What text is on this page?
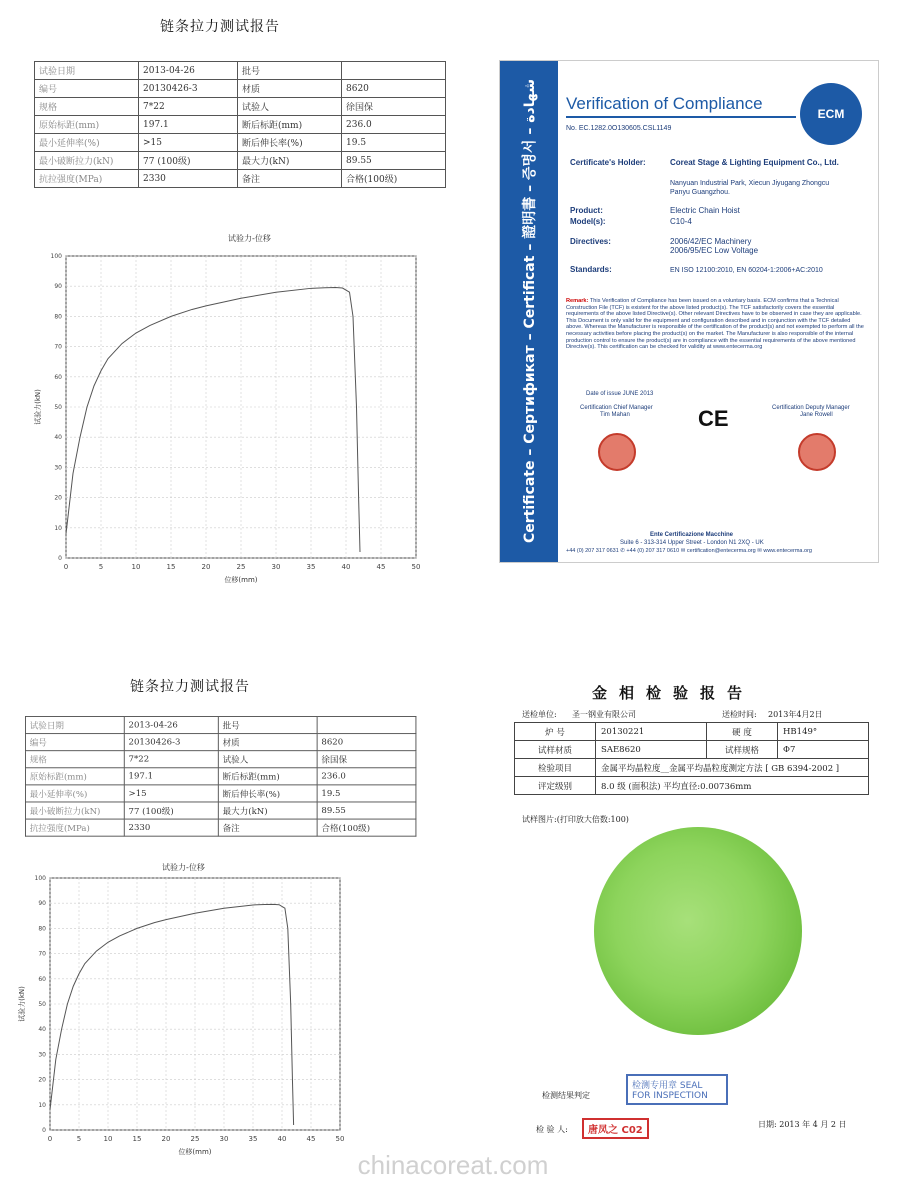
链条拉力测试报告
试验日期	2013-04-26	批号	
编号	20130426-3	材质	8620
规格	7*22	试验人	徐国保
原始标距(mm)	197.1	断后标距(mm)	236.0
最小延伸率(%)	>15	断后伸长率(%)	19.5
最小破断拉力(kN)	77 (100级)	最大力(kN)	89.55
抗拉强度(MPa)	2330	备注	合格(100级)
试验力-位移
0	5	10	15	20	25	30	35	40	45	50
0
10
20
30
40
50
60
70
80
90
100
位移(mm)
试验力(kN)
链条拉力测试报告
试验日期	2013-04-26	批号	
编号	20130426-3	材质	8620
规格	7*22	试验人	徐国保
原始标距(mm)	197.1	断后标距(mm)	236.0
最小延伸率(%)	>15	断后伸长率(%)	19.5
最小破断拉力(kN)	77 (100级)	最大力(kN)	89.55
抗拉强度(MPa)	2330	备注	合格(100级)
试验力-位移
0	5	10	15	20	25	30	35	40	45	50
0
10
20
30
40
50
60
70
80
90
100
位移(mm)
试验力(kN)
Certificate – Сертификат – Certificat – 證明書 – 증명서 – شهادة Verification of Compliance
ECM
No. EC.1282.0O130605.CSL1149
Certificate's Holder:	Coreat Stage & Lighting Equipment Co., Ltd.
Nanyuan Industrial Park, Xiecun Jiyugang Zhongcu Panyu Guangzhou.
Product:	Electric Chain Hoist
Model(s):	C10-4
Directives:	2006/42/EC Machinery
2006/95/EC Low Voltage
Standards:	EN ISO 12100:2010, EN 60204-1:2006+AC:2010
Remark: This Verification of Compliance has been issued on a voluntary basis. ECM confirms that a Technical Construction File (TCF) is existent for the above listed product(s). The TCF satisfactorily covers the essential requirements of the above listed Directive(s). Other relevant Directives have to be observed in case they are applicable. This Document is only valid for the equipment and configuration described and in conjunction with the TCF detailed above. Whereas the Manufacturer is responsible of the certification of the product(s) and not exempted to perform all the necessary activities before placing the product(s) on the market. The Manufacturer is also responsible of the internal production control to ensure the product(s) are in compliance with the essential requirements of the above mentioned Directive(s). This certification can be checked for validity at www.entecerma.org
Date of issue JUNE 2013
Certification Chief Manager
Tim Mahan
Certification Deputy Manager
Jane Rowell
CE
Ente Certificazione Macchine
Suite 6 - 313-314 Upper Street - London N1 2XQ - UK
+44 (0) 207 317 0631 ✆ +44 (0) 207 317 0610 ✉ certification@entecerma.org ✉ www.entecerma.org
金相检验报告
送检单位: 圣一钢业有限公司	送检时间: 2013年4月2日
炉 号	20130221	硬 度	HB149°
试样材质	SAE8620	试样规格	Φ7
检验项目	金属平均晶粒度__金属平均晶粒度测定方法 [ GB 6394-2002 ]		
评定级别	8.0 级 (面积法) 平均直径:0.00736mm		
试样图片:(打印放大倍数:100)
检测结果判定
检测专用章 SEAL FOR INSPECTION
检 验 人:	唐凤之 C02
日期: 2013 年 4 月 2 日
chinacoreat.com
